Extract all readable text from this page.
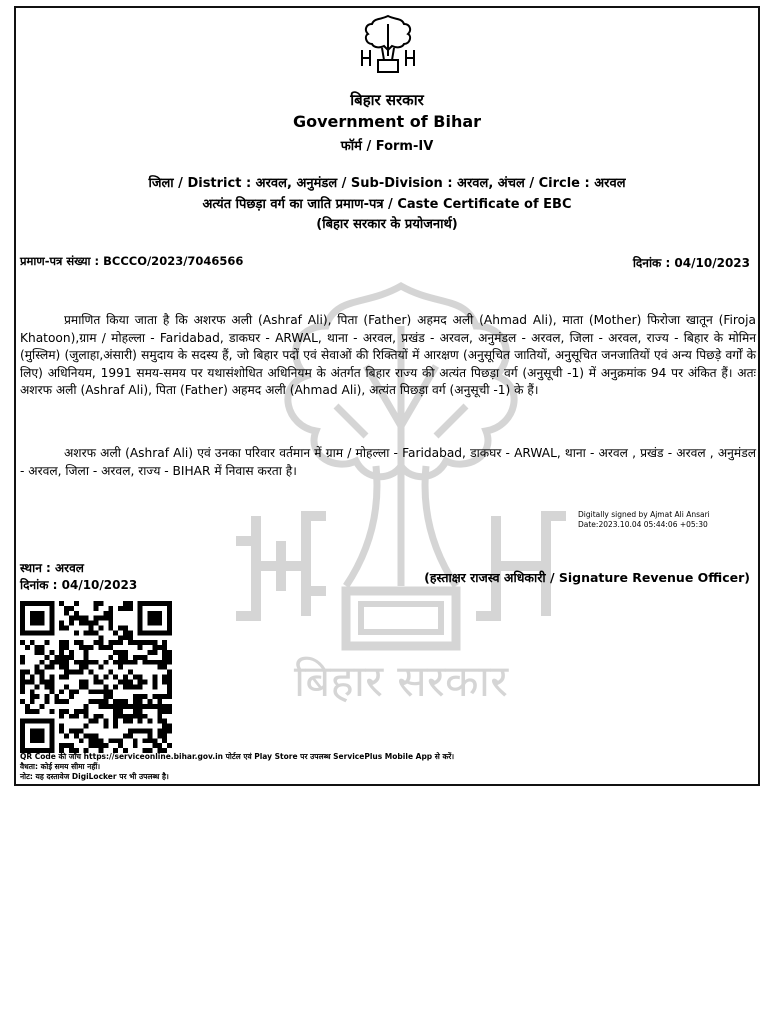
बिहार सरकार
बिहार सरकार
Government of Bihar
फॉर्म / Form-IV
जिला / District : अरवल, अनुमंडल / Sub-Division : अरवल, अंचल / Circle : अरवल
अत्यंत पिछड़ा वर्ग का जाति प्रमाण-पत्र / Caste Certificate of EBC
(बिहार सरकार के प्रयोजनार्थ)
प्रमाण-पत्र संख्या : BCCCO/2023/7046566	दिनांक : 04/10/2023
प्रमाणित किया जाता है कि अशरफ अली (Ashraf Ali), पिता (Father) अहमद अली (Ahmad Ali), माता (Mother) फिरोजा खातून (Firoja Khatoon),ग्राम / मोहल्ला - Faridabad, डाकघर - ARWAL, थाना - अरवल, प्रखंड - अरवल, अनुमंडल - अरवल, जिला - अरवल, राज्य - बिहार के मोमिन (मुस्लिम) (जुलाहा,अंसारी) समुदाय के सदस्य हैं, जो बिहार पदों एवं सेवाओं की रिक्तियों में आरक्षण (अनुसूचित जातियों, अनुसूचित जनजातियों एवं अन्य पिछड़े वर्गों के लिए) अधिनियम, 1991 समय-समय पर यथासंशोधित अधिनियम के अंतर्गत बिहार राज्य की अत्यंत पिछड़ा वर्ग (अनुसूची -1) में अनुक्रमांक 94 पर अंकित हैं। अतः अशरफ अली (Ashraf Ali), पिता (Father) अहमद अली (Ahmad Ali), अत्यंत पिछड़ा वर्ग (अनुसूची -1) के हैं।
अशरफ अली (Ashraf Ali) एवं उनका परिवार वर्तमान में ग्राम / मोहल्ला - Faridabad, डाकघर - ARWAL, थाना - अरवल , प्रखंड - अरवल , अनुमंडल - अरवल, जिला - अरवल, राज्य - BIHAR में निवास करता है।
Digitally signed by Ajmat Ali Ansari
Date:2023.10.04 05:44:06 +05:30
स्थान : अरवल
दिनांक : 04/10/2023	(हस्ताक्षर राजस्व अधिकारी / Signature Revenue Officer)
QR Code की जाँच https://serviceonline.bihar.gov.in पोर्टल एवं Play Store पर उपलब्ध ServicePlus Mobile App से करें।
वैधता: कोई समय सीमा नहीं।
नोट: यह दस्तावेज DigiLocker पर भी उपलब्ध है।
